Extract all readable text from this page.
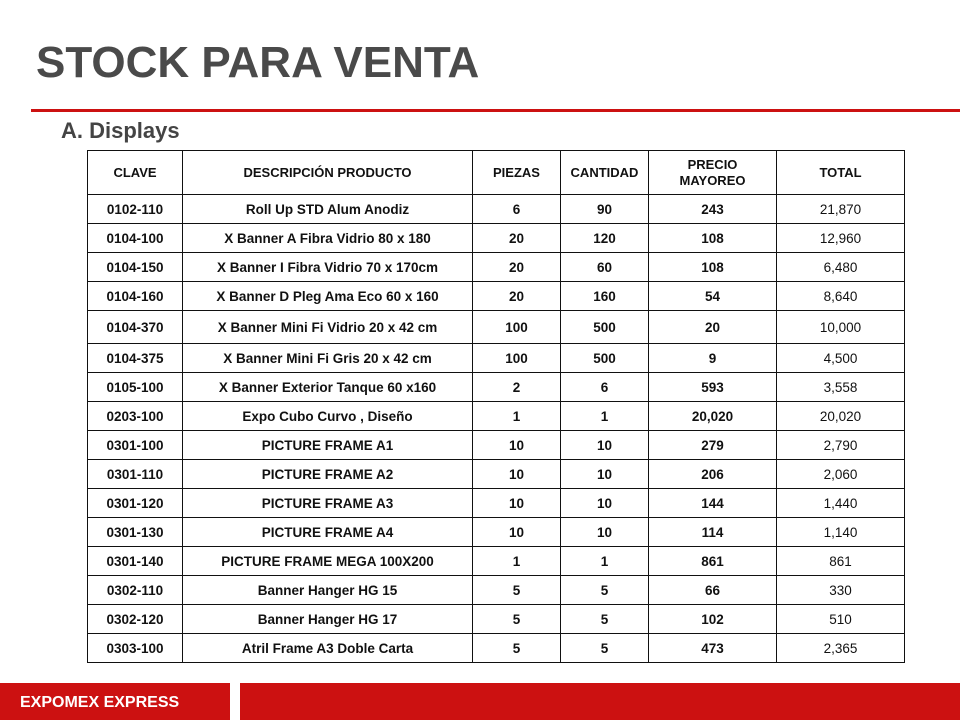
STOCK PARA VENTA
A. Displays
CLAVE	DESCRIPCIÓN PRODUCTO	PIEZAS	CANTIDAD	PRECIO MAYOREO	TOTAL
0102-110	Roll Up STD Alum Anodiz	6	90	243	21,870
0104-100	X Banner A Fibra Vidrio 80 x 180	20	120	108	12,960
0104-150	X Banner I Fibra Vidrio 70 x 170cm	20	60	108	6,480
0104-160	X Banner D Pleg Ama Eco 60 x 160	20	160	54	8,640
0104-370	X Banner Mini Fi Vidrio 20 x 42 cm	100	500	20	10,000
0104-375	X Banner Mini Fi Gris 20 x 42 cm	100	500	9	4,500
0105-100	X Banner Exterior Tanque 60 x160	2	6	593	3,558
0203-100	Expo Cubo Curvo , Diseño	1	1	20,020	20,020
0301-100	PICTURE FRAME A1	10	10	279	2,790
0301-110	PICTURE FRAME A2	10	10	206	2,060
0301-120	PICTURE FRAME A3	10	10	144	1,440
0301-130	PICTURE FRAME A4	10	10	114	1,140
0301-140	PICTURE FRAME MEGA 100X200	1	1	861	861
0302-110	Banner Hanger HG 15	5	5	66	330
0302-120	Banner Hanger HG 17	5	5	102	510
0303-100	Atril Frame A3 Doble Carta	5	5	473	2,365
EXPOMEX EXPRESS
